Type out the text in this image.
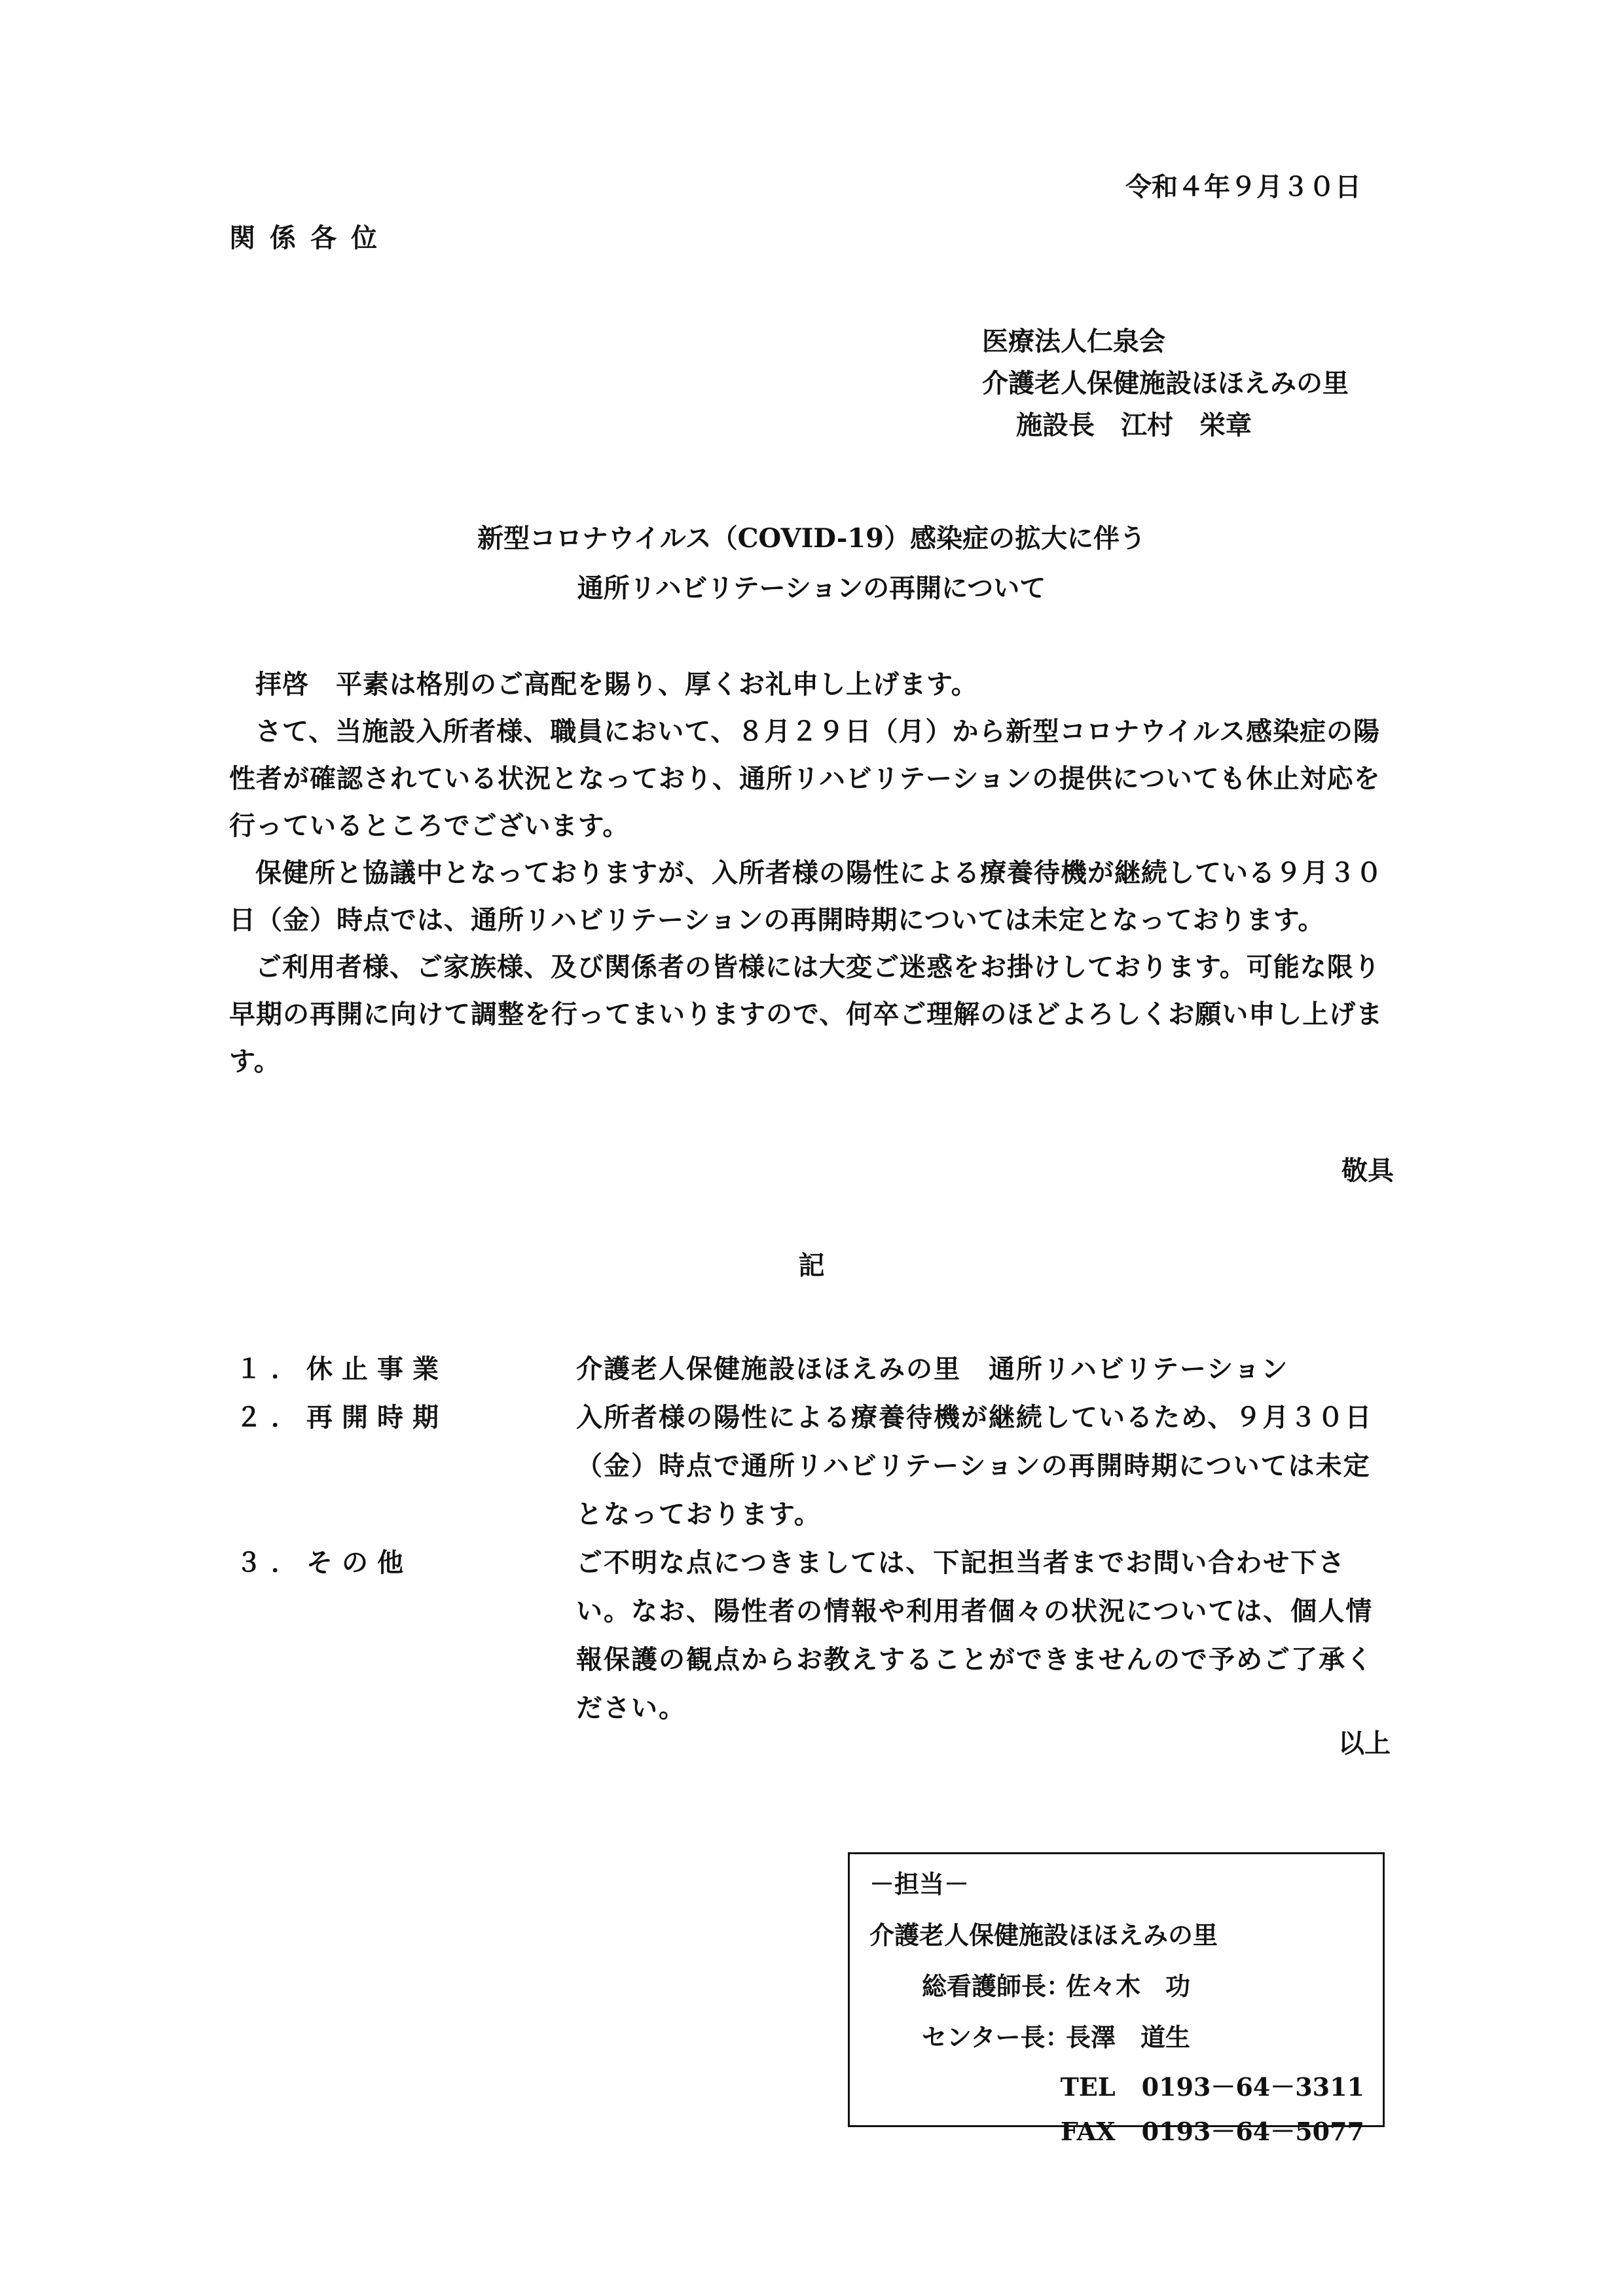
令和４年９月３０日
関係各位
医療法人仁泉会
介護老人保健施設ほほえみの里
施設長　江村　栄章
新型コロナウイルス（COVID-19）感染症の拡大に伴う
通所リハビリテーションの再開について

拝啓　平素は格別のご高配を賜り、厚くお礼申し上げます。

さて、当施設入所者様、職員において、８月２９日（月）から新型コロナウイルス感染症の陽性者が確認されている状況となっており、通所リハビリテーションの提供についても休止対応を行っているところでございます。

保健所と協議中となっておりますが、入所者様の陽性による療養待機が継続している９月３０日（金）時点では、通所リハビリテーションの再開時期については未定となっております。

ご利用者様、ご家族様、及び関係者の皆様には大変ご迷惑をお掛けしております。可能な限り早期の再開に向けて調整を行ってまいりますので、何卒ご理解のほどよろしくお願い申し上げます。

敬具
記
１．休止事業	介護老人保健施設ほほえみの里　通所リハビリテーション
２．再開時期	入所者様の陽性による療養待機が継続しているため、９月３０日（金）時点で通所リハビリテーションの再開時期については未定となっております。
３．その他	ご不明な点につきましては、下記担当者までお問い合わせ下さい。なお、陽性者の情報や利用者個々の状況については、個人情報保護の観点からお教えすることができませんので予めご了承ください。
以上
－担当－
介護老人保健施設ほほえみの里
総看護師長：
佐々木　功
センター長：
長澤　道生
TEL 0193－64－3311
FAX 0193－64－5077
